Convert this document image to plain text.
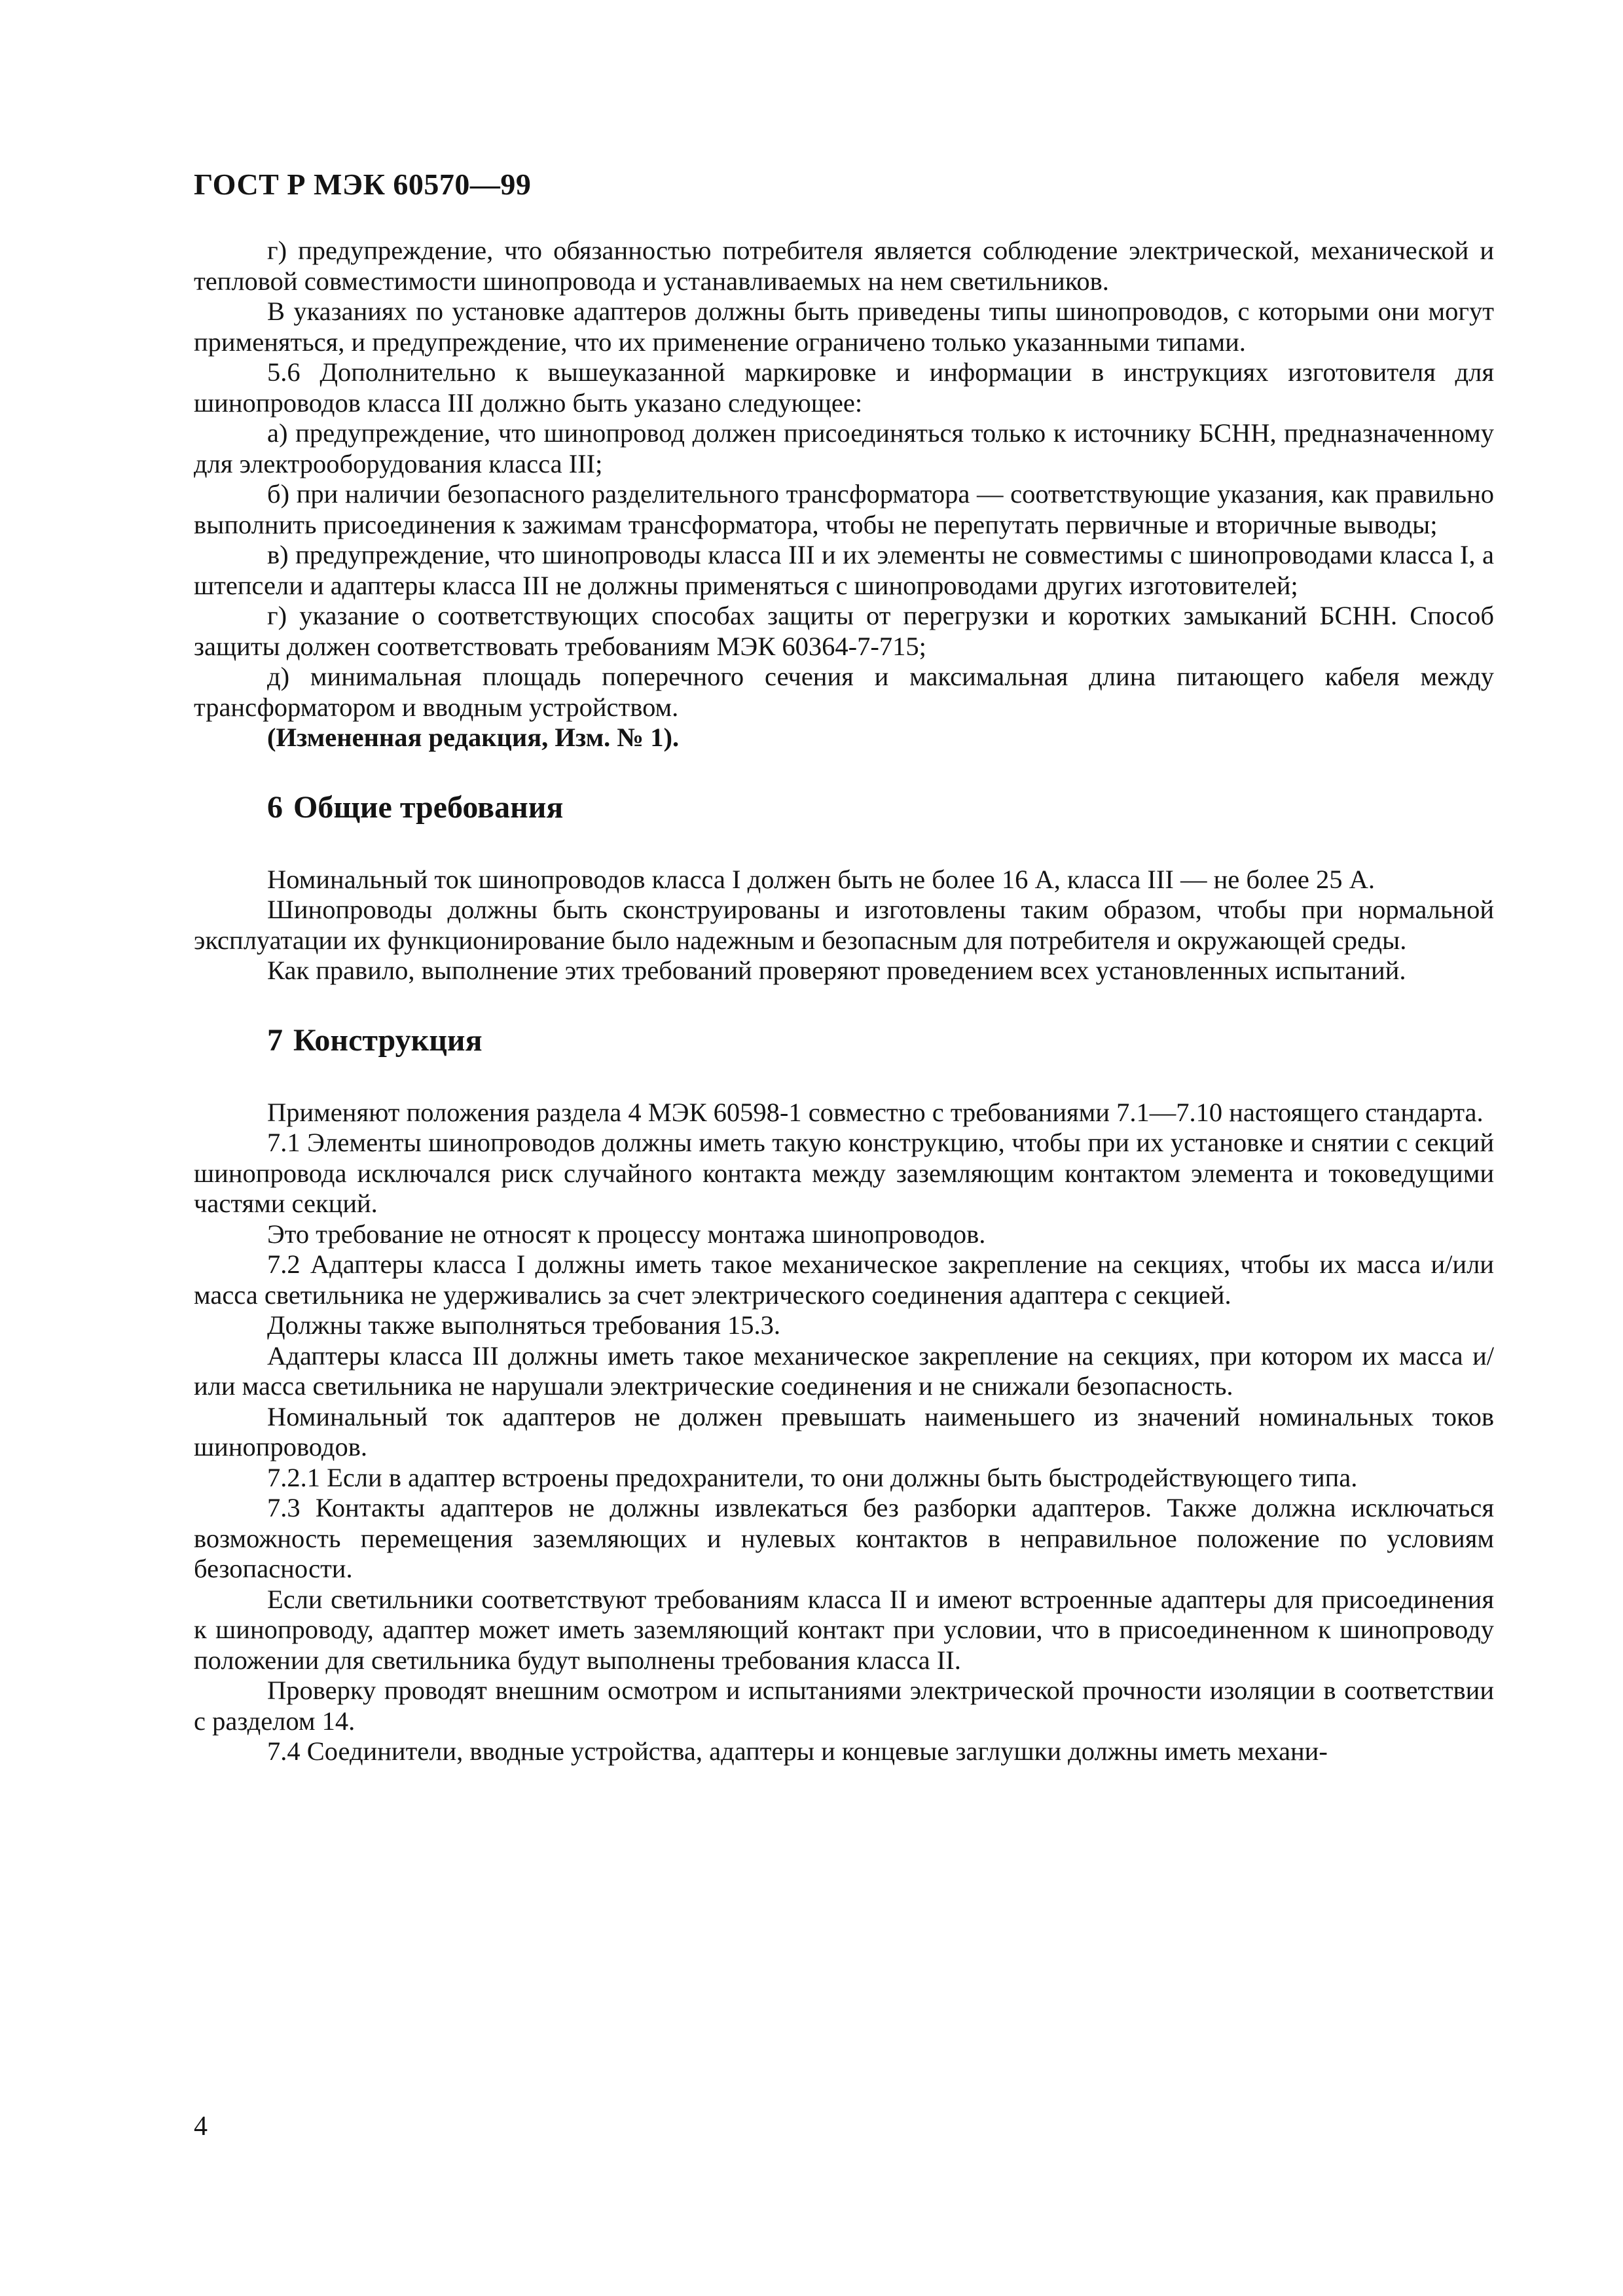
ГОСТ Р МЭК 60570—99

г) предупреждение, что обязанностью потребителя является соблюдение электрической, механической и тепловой совместимости шинопровода и устанавливаемых на нем светильников.

В указаниях по установке адаптеров должны быть приведены типы шинопроводов, с которыми они могут применяться, и предупреждение, что их применение ограничено только указанными типами.

5.6 Дополнительно к вышеуказанной маркировке и информации в инструкциях изготовителя для шинопроводов класса III должно быть указано следующее:

а) предупреждение, что шинопровод должен присоединяться только к источнику БСНН, предназначенному для электрооборудования класса III;

б) при наличии безопасного разделительного трансформатора — соответствующие указания, как правильно выполнить присоединения к зажимам трансформатора, чтобы не перепутать первичные и вторичные выводы;

в) предупреждение, что шинопроводы класса III и их элементы не совместимы с шинопроводами класса I, а штепсели и адаптеры класса III не должны применяться с шинопроводами других изготовителей;

г) указание о соответствующих способах защиты от перегрузки и коротких замыканий БСНН. Способ защиты должен соответствовать требованиям МЭК 60364-7-715;

д) минимальная площадь поперечного сечения и максимальная длина питающего кабеля между трансформатором и вводным устройством.

(Измененная редакция, Изм. № 1).

6 Общие требования

Номинальный ток шинопроводов класса I должен быть не более 16 А, класса III — не более 25 А.

Шинопроводы должны быть сконструированы и изготовлены таким образом, чтобы при нормальной эксплуатации их функционирование было надежным и безопасным для потребителя и окружающей среды.

Как правило, выполнение этих требований проверяют проведением всех установленных испытаний.

7 Конструкция

Применяют положения раздела 4 МЭК 60598-1 совместно с требованиями 7.1—7.10 настоящего стандарта.

7.1 Элементы шинопроводов должны иметь такую конструкцию, чтобы при их установке и снятии с секций шинопровода исключался риск случайного контакта между заземляющим контактом элемента и токоведущими частями секций.

Это требование не относят к процессу монтажа шинопроводов.

7.2 Адаптеры класса I должны иметь такое механическое закрепление на секциях, чтобы их масса и/или масса светильника не удерживались за счет электрического соединения адаптера с секцией.

Должны также выполняться требования 15.3.

Адаптеры класса III должны иметь такое механическое закрепление на секциях, при котором их масса и/или масса светильника не нарушали электрические соединения и не снижали безопасность.

Номинальный ток адаптеров не должен превышать наименьшего из значений номинальных токов шинопроводов.

7.2.1 Если в адаптер встроены предохранители, то они должны быть быстродействующего типа.

7.3 Контакты адаптеров не должны извлекаться без разборки адаптеров. Также должна исключаться возможность перемещения заземляющих и нулевых контактов в неправильное положение по условиям безопасности.

Если светильники соответствуют требованиям класса II и имеют встроенные адаптеры для присоединения к шинопроводу, адаптер может иметь заземляющий контакт при условии, что в присоединенном к шинопроводу положении для светильника будут выполнены требования класса II.

Проверку проводят внешним осмотром и испытаниями электрической прочности изоляции в соответствии с разделом 14.

7.4 Соединители, вводные устройства, адаптеры и концевые заглушки должны иметь механи-

4
